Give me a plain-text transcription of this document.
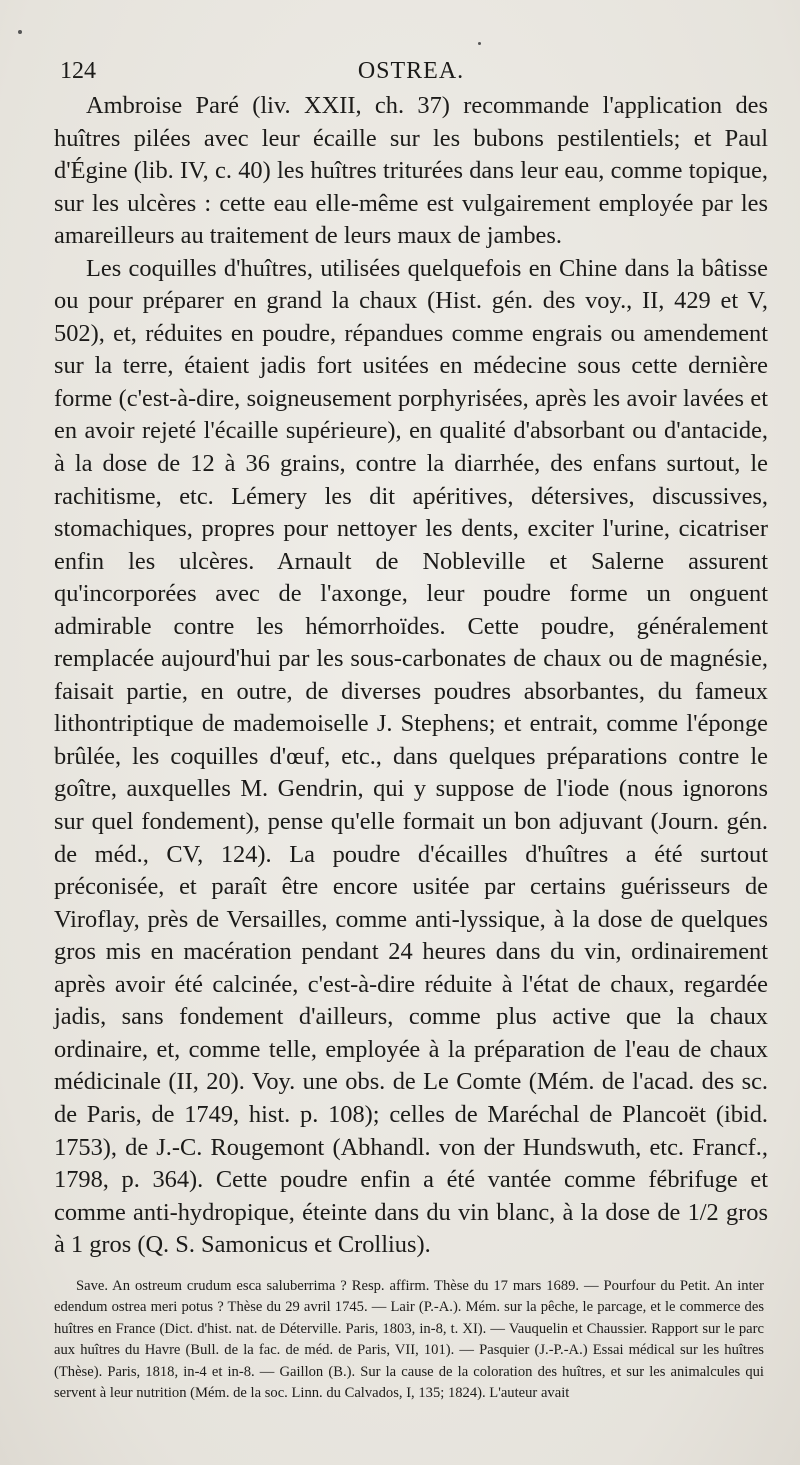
124	OSTREA.

Ambroise Paré (liv. XXII, ch. 37) recommande l'application des huîtres pilées avec leur écaille sur les bubons pestilentiels; et Paul d'Égine (lib. IV, c. 40) les huîtres triturées dans leur eau, comme topique, sur les ulcères : cette eau elle-même est vulgairement employée par les amareilleurs au traitement de leurs maux de jambes.

Les coquilles d'huîtres, utilisées quelquefois en Chine dans la bâtisse ou pour préparer en grand la chaux (Hist. gén. des voy., II, 429 et V, 502), et, réduites en poudre, répandues comme engrais ou amendement sur la terre, étaient jadis fort usitées en médecine sous cette dernière forme (c'est-à-dire, soigneusement porphyrisées, après les avoir lavées et en avoir rejeté l'écaille supérieure), en qualité d'absorbant ou d'antacide, à la dose de 12 à 36 grains, contre la diarrhée, des enfans surtout, le rachitisme, etc. Lémery les dit apéritives, détersives, discussives, stomachiques, propres pour nettoyer les dents, exciter l'urine, cicatriser enfin les ulcères. Arnault de Nobleville et Salerne assurent qu'incorporées avec de l'axonge, leur poudre forme un onguent admirable contre les hémorrhoïdes. Cette poudre, généralement remplacée aujourd'hui par les sous-carbonates de chaux ou de magnésie, faisait partie, en outre, de diverses poudres absorbantes, du fameux lithontriptique de mademoiselle J. Stephens; et entrait, comme l'éponge brûlée, les coquilles d'œuf, etc., dans quelques préparations contre le goître, auxquelles M. Gendrin, qui y suppose de l'iode (nous ignorons sur quel fondement), pense qu'elle formait un bon adjuvant (Journ. gén. de méd., CV, 124). La poudre d'écailles d'huîtres a été surtout préconisée, et paraît être encore usitée par certains guérisseurs de Viroflay, près de Versailles, comme anti-lyssique, à la dose de quelques gros mis en macération pendant 24 heures dans du vin, ordinairement après avoir été calcinée, c'est-à-dire réduite à l'état de chaux, regardée jadis, sans fondement d'ailleurs, comme plus active que la chaux ordinaire, et, comme telle, employée à la préparation de l'eau de chaux médicinale (II, 20). Voy. une obs. de Le Comte (Mém. de l'acad. des sc. de Paris, de 1749, hist. p. 108); celles de Maréchal de Plancoët (ibid. 1753), de J.-C. Rougemont (Abhandl. von der Hundswuth, etc. Francf., 1798, p. 364). Cette poudre enfin a été vantée comme fébrifuge et comme anti-hydropique, éteinte dans du vin blanc, à la dose de 1/2 gros à 1 gros (Q. S. Samonicus et Crollius).

Save. An ostreum crudum esca saluberrima ? Resp. affirm. Thèse du 17 mars 1689. — Pourfour du Petit. An inter edendum ostrea meri potus ? Thèse du 29 avril 1745. — Lair (P.-A.). Mém. sur la pêche, le parcage, et le commerce des huîtres en France (Dict. d'hist. nat. de Déterville. Paris, 1803, in-8, t. XI). — Vauquelin et Chaussier. Rapport sur le parc aux huîtres du Havre (Bull. de la fac. de méd. de Paris, VII, 101). — Pasquier (J.-P.-A.) Essai médical sur les huîtres (Thèse). Paris, 1818, in-4 et in-8. — Gaillon (B.). Sur la cause de la coloration des huîtres, et sur les animalcules qui servent à leur nutrition (Mém. de la soc. Linn. du Calvados, I, 135; 1824). L'auteur avait
